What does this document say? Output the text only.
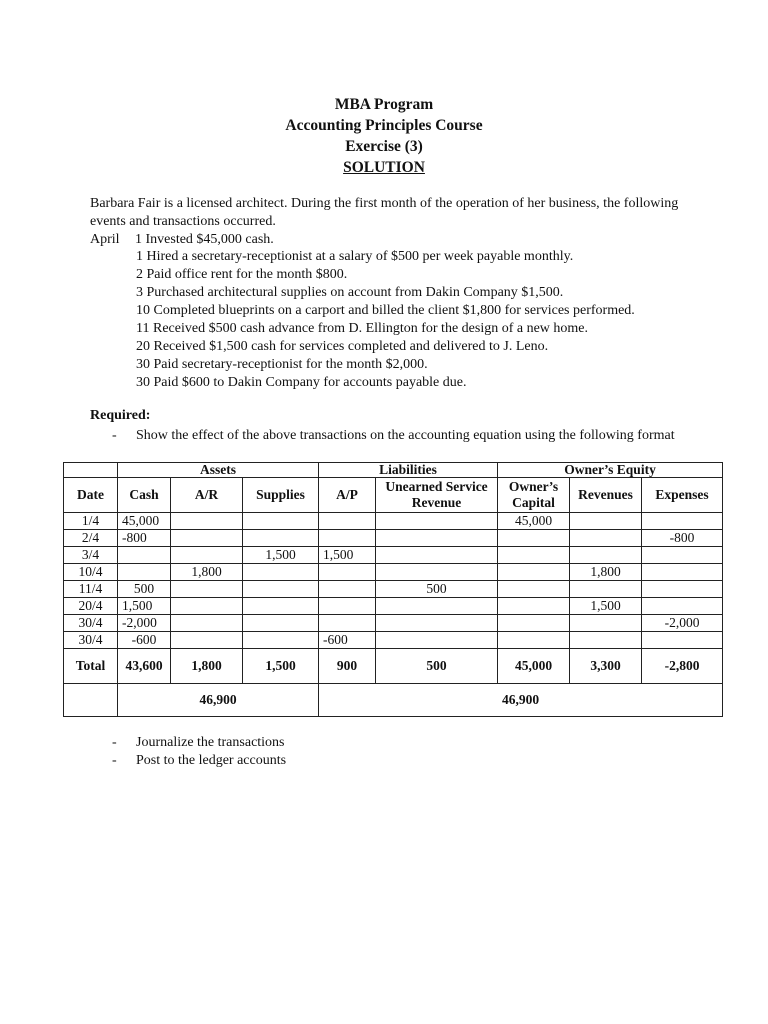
MBA Program
Accounting Principles Course
Exercise (3)
SOLUTION
Barbara Fair is a licensed architect. During the first month of the operation of her business, the following events and transactions occurred.
April	1 Invested $45,000 cash.
1 Hired a secretary-receptionist at a salary of $500 per week payable monthly.
2 Paid office rent for the month $800.
3 Purchased architectural supplies on account from Dakin Company $1,500.
10 Completed blueprints on a carport and billed the client $1,800 for services performed.
11 Received $500 cash advance from D. Ellington for the design of a new home.
20 Received $1,500 cash for services completed and delivered to J. Leno.
30 Paid secretary-receptionist for the month $2,000.
30 Paid $600 to Dakin Company for accounts payable due.
Required:
-	Show the effect of the above transactions on the accounting equation using the following format
	Assets			Liabilities		Owner’s Equity		
Date	Cash	A/R	Supplies	A/P	Unearned Service Revenue	Owner’s Capital	Revenues	Expenses
1/4	45,000					45,000		
2/4	-800							-800
3/4			1,500	1,500				
10/4		1,800					1,800	
11/4	500				500			
20/4	1,500						1,500	
30/4	-2,000							-2,000
30/4	-600			-600				
Total	43,600	1,800	1,500	900	500	45,000	3,300	-2,800
	46,900			46,900				
-	Journalize the transactions
-	Post to the ledger accounts
